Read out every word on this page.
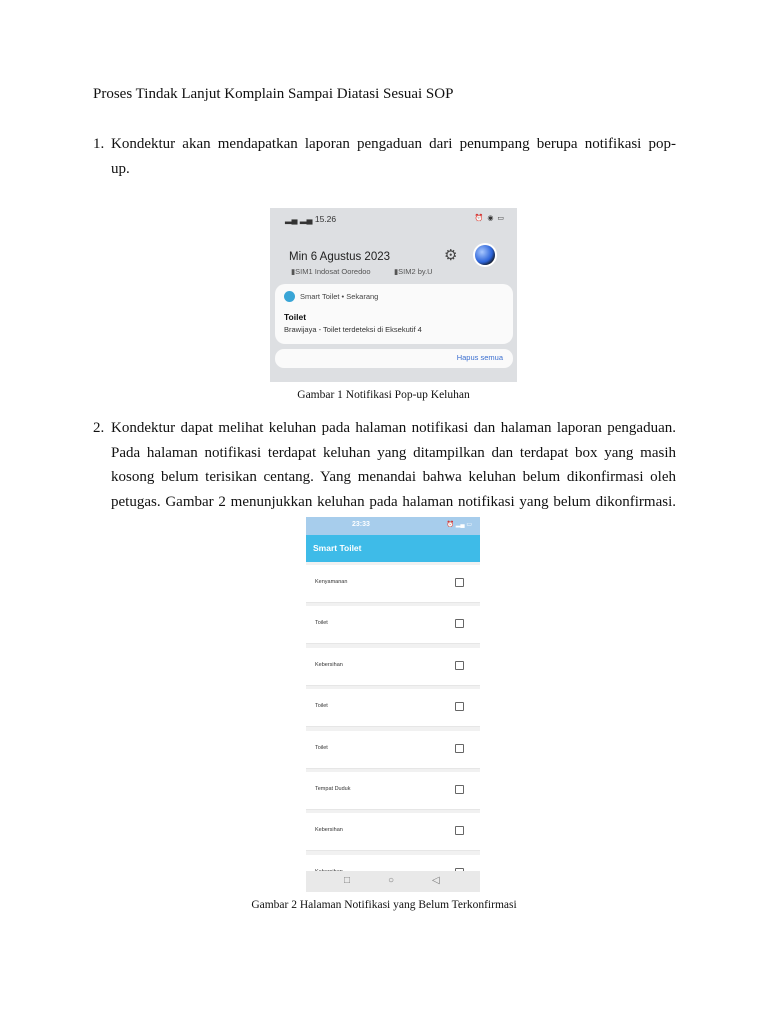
Proses Tindak Lanjut Komplain Sampai Diatasi Sesuai SOP
1. Kondektur akan mendapatkan laporan pengaduan dari penumpang berupa notifikasi pop-
up.
▂▄ ▂▄ 15.26	⏰ ◉ ▭
Min 6 Agustus 2023
▮SIM1 Indosat Ooredoo	▮SIM2 by.U
⚙
Smart Toilet • Sekarang
Toilet
Brawijaya - Toilet terdeteksi di Eksekutif 4
Hapus semua
Gambar 1 Notifikasi Pop-up Keluhan
2. Kondektur dapat melihat keluhan pada halaman notifikasi dan halaman laporan pengaduan. Pada halaman notifikasi terdapat keluhan yang ditampilkan dan terdapat box yang masih kosong belum terisikan centang. Yang menandai bahwa keluhan belum dikonfirmasi oleh petugas. Gambar 2 menunjukkan keluhan pada halaman notifikasi yang belum dikonfirmasi.
23:33	⏰ ▂▄ ▭
Smart Toilet
Kenyamanan
Toilet
Kebersihan
Toilet
Toilet
Tempat Duduk
Kebersihan
□	○	◁
Gambar 2 Halaman Notifikasi yang Belum Terkonfirmasi
